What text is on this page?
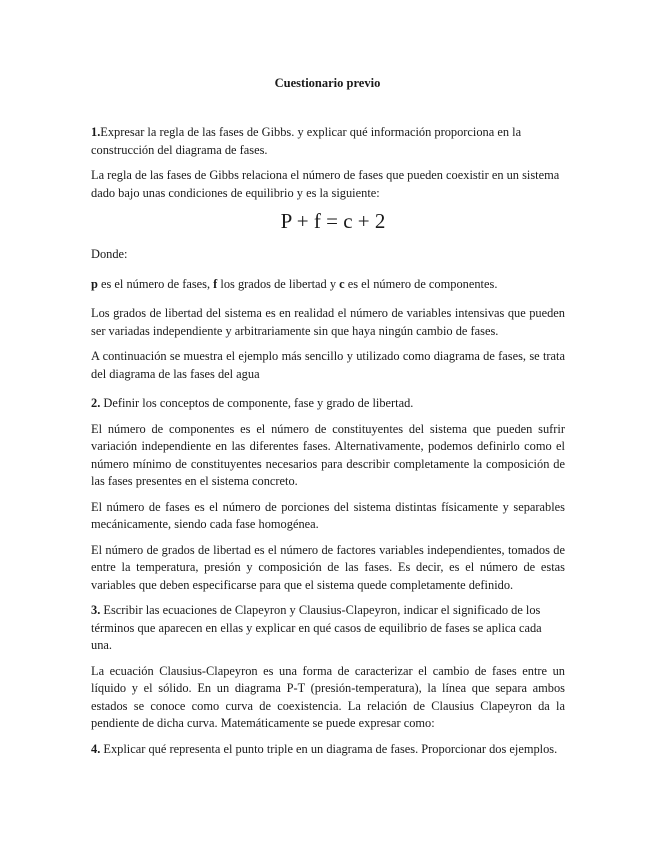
Cuestionario previo

1.Expresar la regla de las fases de Gibbs. y explicar qué información proporciona en la construcción del diagrama de fases.

La regla de las fases de Gibbs relaciona el número de fases que pueden coexistir en un sistema dado bajo unas condiciones de equilibrio y es la siguiente:

P + f = c + 2

Donde:

p es el número de fases, f los grados de libertad y c es el número de componentes.

Los grados de libertad del sistema es en realidad el número de variables intensivas que pueden ser variadas independiente y arbitrariamente sin que haya ningún cambio de fases.

A continuación se muestra el ejemplo más sencillo y utilizado como diagrama de fases, se trata del diagrama de las fases del agua

2. Definir los conceptos de componente, fase y grado de libertad.

El número de componentes es el número de constituyentes del sistema que pueden sufrir variación independiente en las diferentes fases. Alternativamente, podemos definirlo como el número mínimo de constituyentes necesarios para describir completamente la composición de las fases presentes en el sistema concreto.

El número de fases es el número de porciones del sistema distintas físicamente y separables mecánicamente, siendo cada fase homogénea.

El número de grados de libertad es el número de factores variables independientes, tomados de entre la temperatura, presión y composición de las fases. Es decir, es el número de estas variables que deben especificarse para que el sistema quede completamente definido.

3. Escribir las ecuaciones de Clapeyron y Clausius-Clapeyron, indicar el significado de los términos que aparecen en ellas y explicar en qué casos de equilibrio de fases se aplica cada una.

La ecuación Clausius-Clapeyron es una forma de caracterizar el cambio de fases entre un líquido y el sólido. En un diagrama P-T (presión-temperatura), la línea que separa ambos estados se conoce como curva de coexistencia. La relación de Clausius Clapeyron da la pendiente de dicha curva. Matemáticamente se puede expresar como:

4. Explicar qué representa el punto triple en un diagrama de fases. Proporcionar dos ejemplos.
